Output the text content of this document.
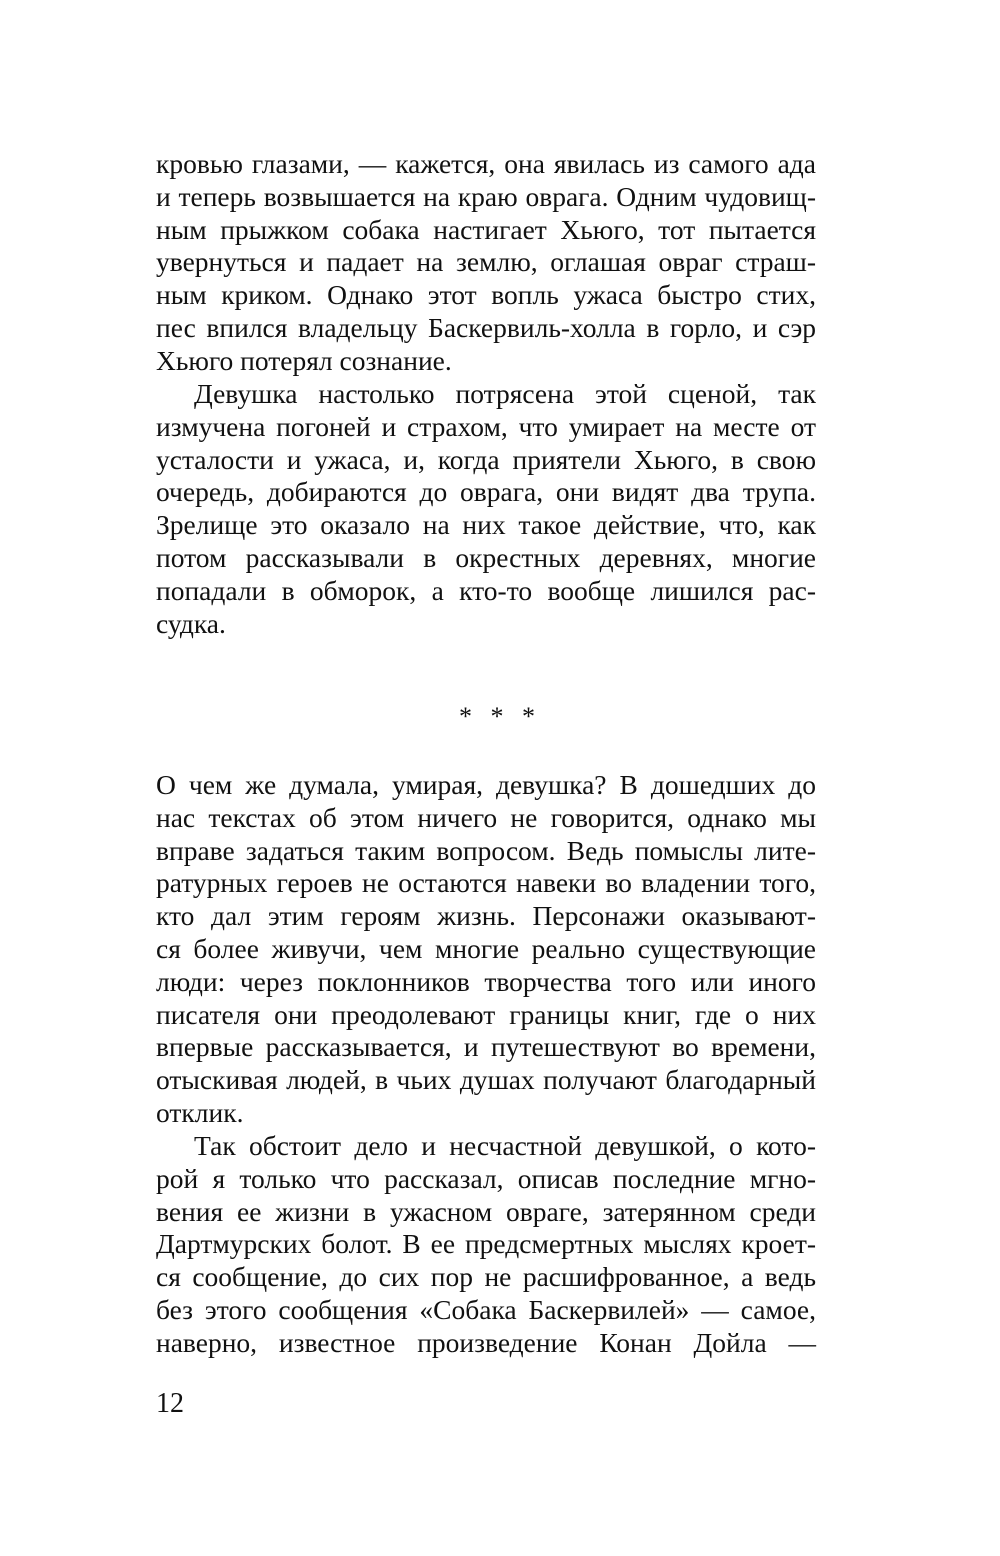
кровью глазами, — кажется, она явилась из самого ада
и теперь возвышается на краю оврага. Одним чудовищ-
ным прыжком собака настигает Хьюго, тот пытается
увернуться и падает на землю, оглашая овраг страш-
ным криком. Однако этот вопль ужаса быстро стих,
пес впился владельцу Баскервиль-холла в горло, и сэр
Хьюго потерял сознание.
Девушка настолько потрясена этой сценой, так
измучена погоней и страхом, что умирает на месте от
усталости и ужаса, и, когда приятели Хьюго, в свою
очередь, добираются до оврага, они видят два трупа.
Зрелище это оказало на них такое действие, что, как
потом рассказывали в окрестных деревнях, многие
попадали в обморок, а кто-то вообще лишился рас-
судка.
* * *
О чем же думала, умирая, девушка? В дошедших до
нас текстах об этом ничего не говорится, однако мы
вправе задаться таким вопросом. Ведь помыслы лите-
ратурных героев не остаются навеки во владении того,
кто дал этим героям жизнь. Персонажи оказывают-
ся более живучи, чем многие реально существующие
люди: через поклонников творчества того или иного
писателя они преодолевают границы книг, где о них
впервые рассказывается, и путешествуют во времени,
отыскивая людей, в чьих душах получают благодарный
отклик.
Так обстоит дело и несчастной девушкой, о кото-
рой я только что рассказал, описав последние мгно-
вения ее жизни в ужасном овраге, затерянном среди
Дартмурских болот. В ее предсмертных мыслях кроет-
ся сообщение, до сих пор не расшифрованное, а ведь
без этого сообщения «Собака Баскервилей» — самое,
наверно, известное произведение Конан Дойла —
12
